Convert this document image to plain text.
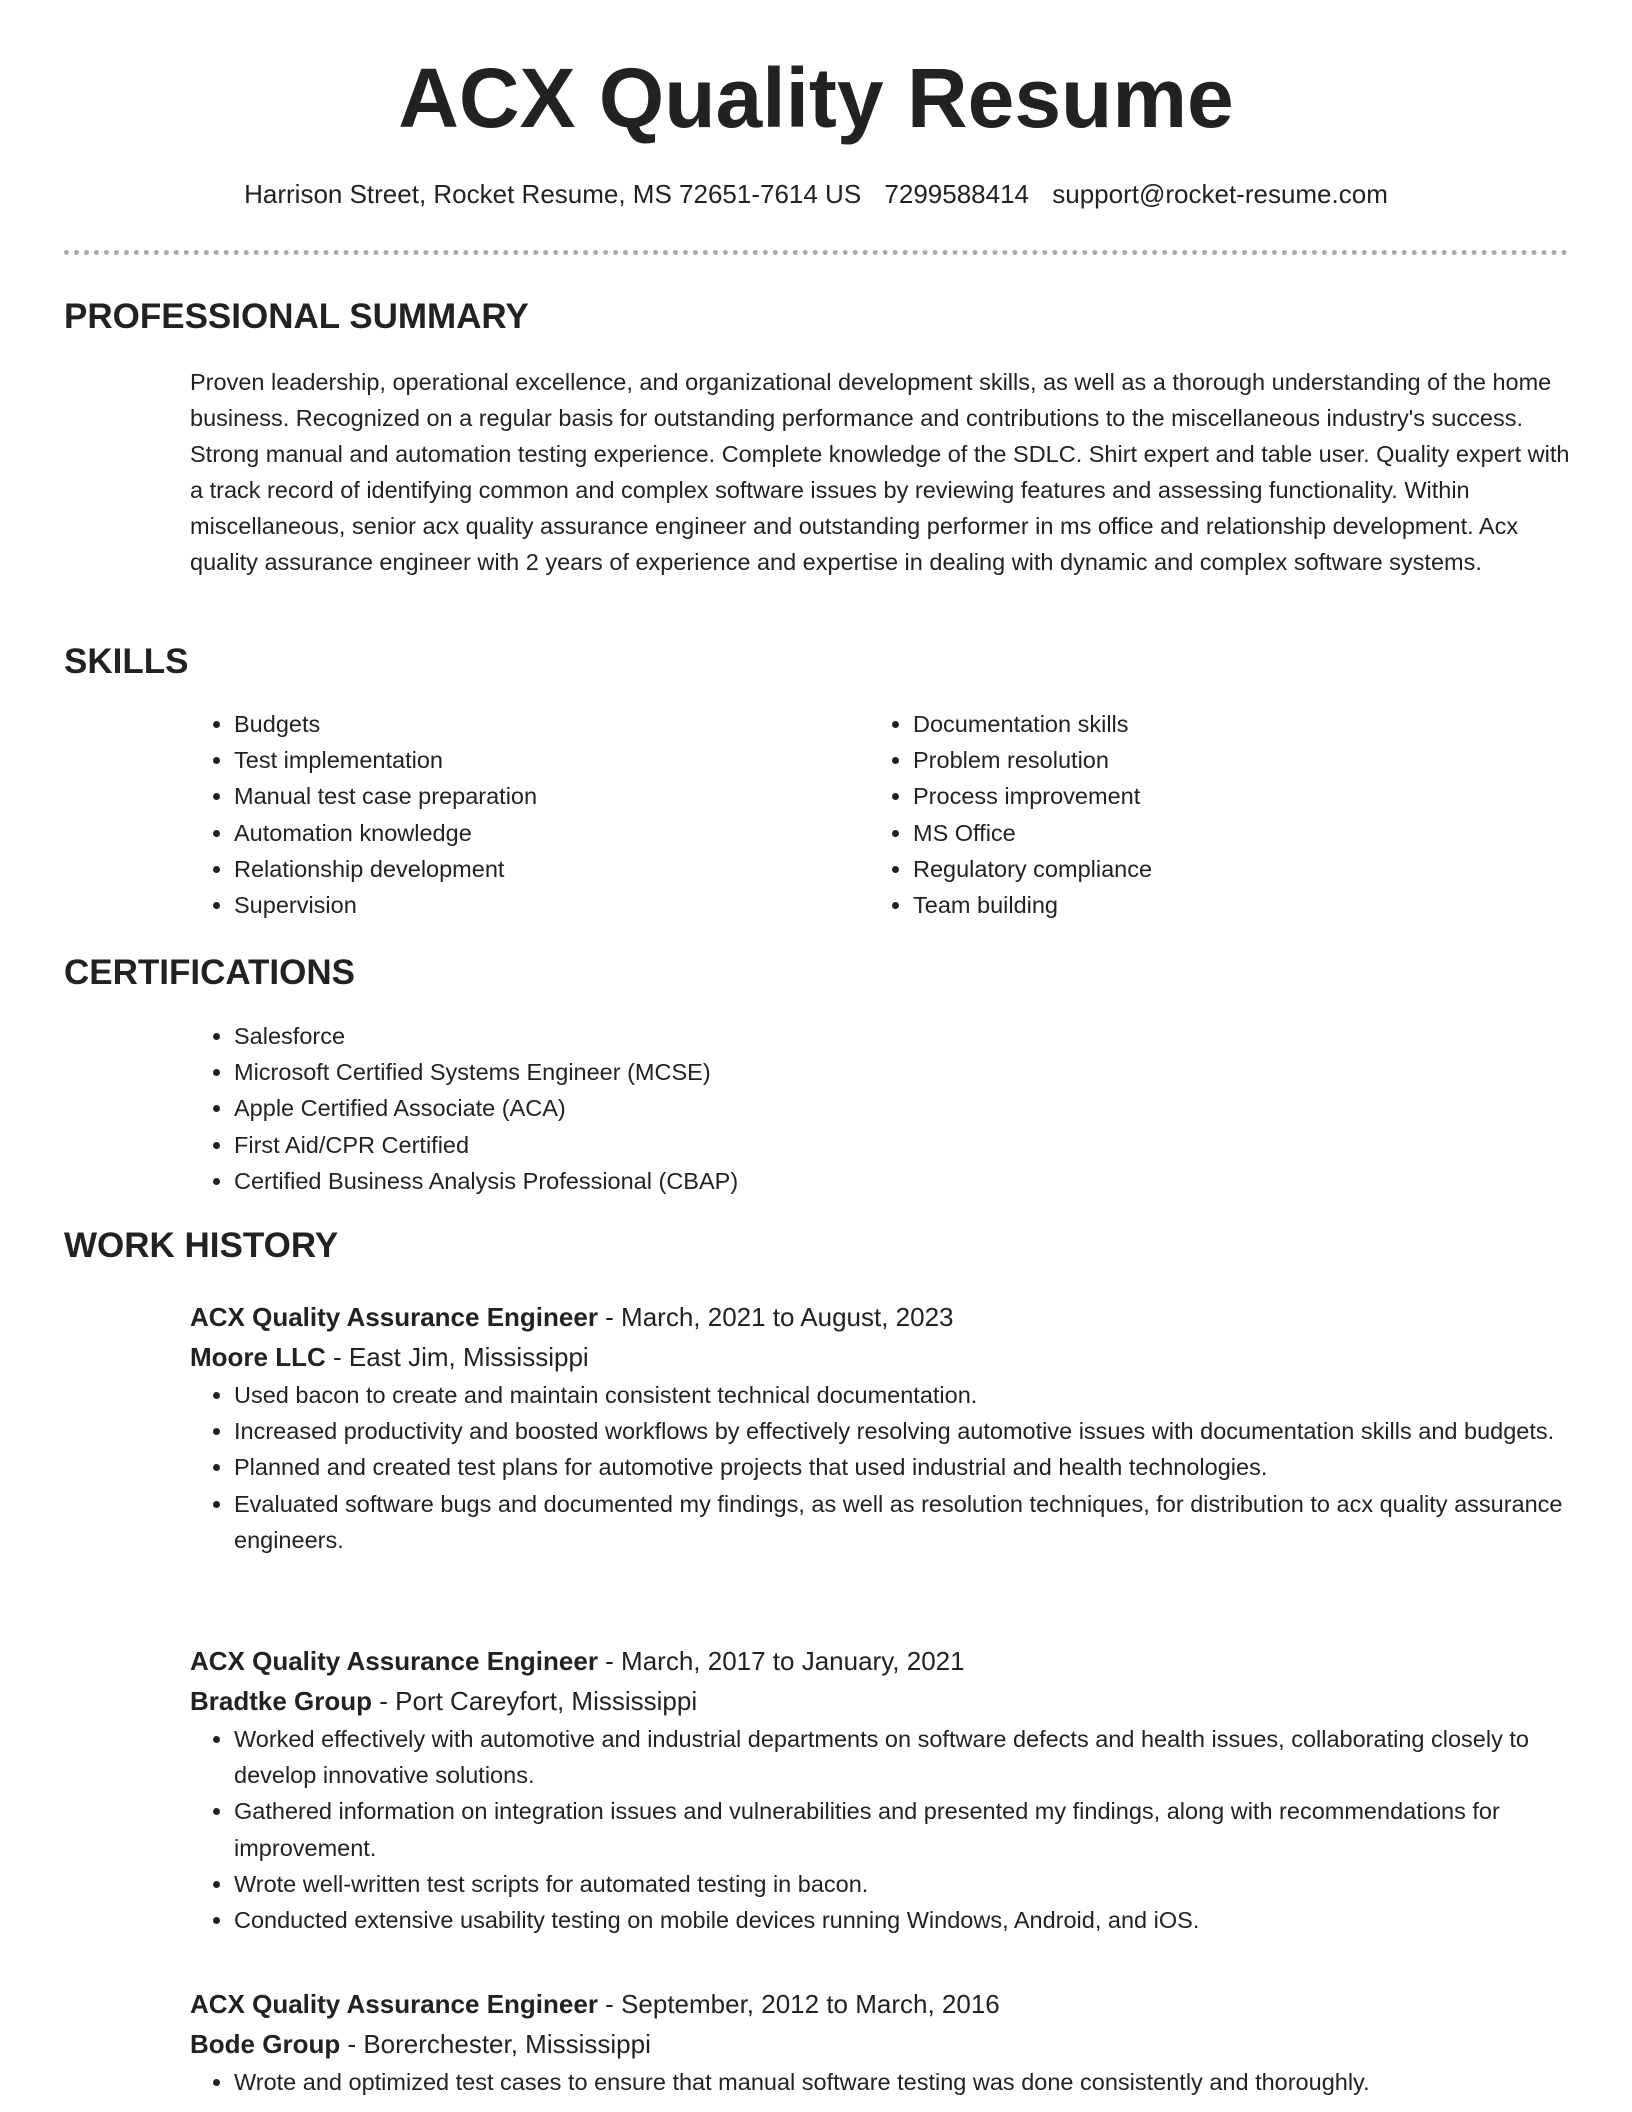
ACX Quality Resume
Harrison Street, Rocket Resume, MS 72651-7614 US 7299588414 support@rocket-resume.com
PROFESSIONAL SUMMARY
Proven leadership, operational excellence, and organizational development skills, as well as a thorough understanding of the home business. Recognized on a regular basis for outstanding performance and contributions to the miscellaneous industry's success. Strong manual and automation testing experience. Complete knowledge of the SDLC. Shirt expert and table user. Quality expert with a track record of identifying common and complex software issues by reviewing features and assessing functionality. Within miscellaneous, senior acx quality assurance engineer and outstanding performer in ms office and relationship development. Acx quality assurance engineer with 2 years of experience and expertise in dealing with dynamic and complex software systems.
SKILLS
• Budgets
• Test implementation
• Manual test case preparation
• Automation knowledge
• Relationship development
• Supervision
• Documentation skills
• Problem resolution
• Process improvement
• MS Office
• Regulatory compliance
• Team building
CERTIFICATIONS
• Salesforce
• Microsoft Certified Systems Engineer (MCSE)
• Apple Certified Associate (ACA)
• First Aid/CPR Certified
• Certified Business Analysis Professional (CBAP)
WORK HISTORY
ACX Quality Assurance Engineer - March, 2021 to August, 2023
Moore LLC - East Jim, Mississippi
• Used bacon to create and maintain consistent technical documentation.
• Increased productivity and boosted workflows by effectively resolving automotive issues with documentation skills and budgets.
• Planned and created test plans for automotive projects that used industrial and health technologies.
• Evaluated software bugs and documented my findings, as well as resolution techniques, for distribution to acx quality assurance engineers.
ACX Quality Assurance Engineer - March, 2017 to January, 2021
Bradtke Group - Port Careyfort, Mississippi
• Worked effectively with automotive and industrial departments on software defects and health issues, collaborating closely to develop innovative solutions.
• Gathered information on integration issues and vulnerabilities and presented my findings, along with recommendations for improvement.
• Wrote well-written test scripts for automated testing in bacon.
• Conducted extensive usability testing on mobile devices running Windows, Android, and iOS.
ACX Quality Assurance Engineer - September, 2012 to March, 2016
Bode Group - Borerchester, Mississippi
• Wrote and optimized test cases to ensure that manual software testing was done consistently and thoroughly.
